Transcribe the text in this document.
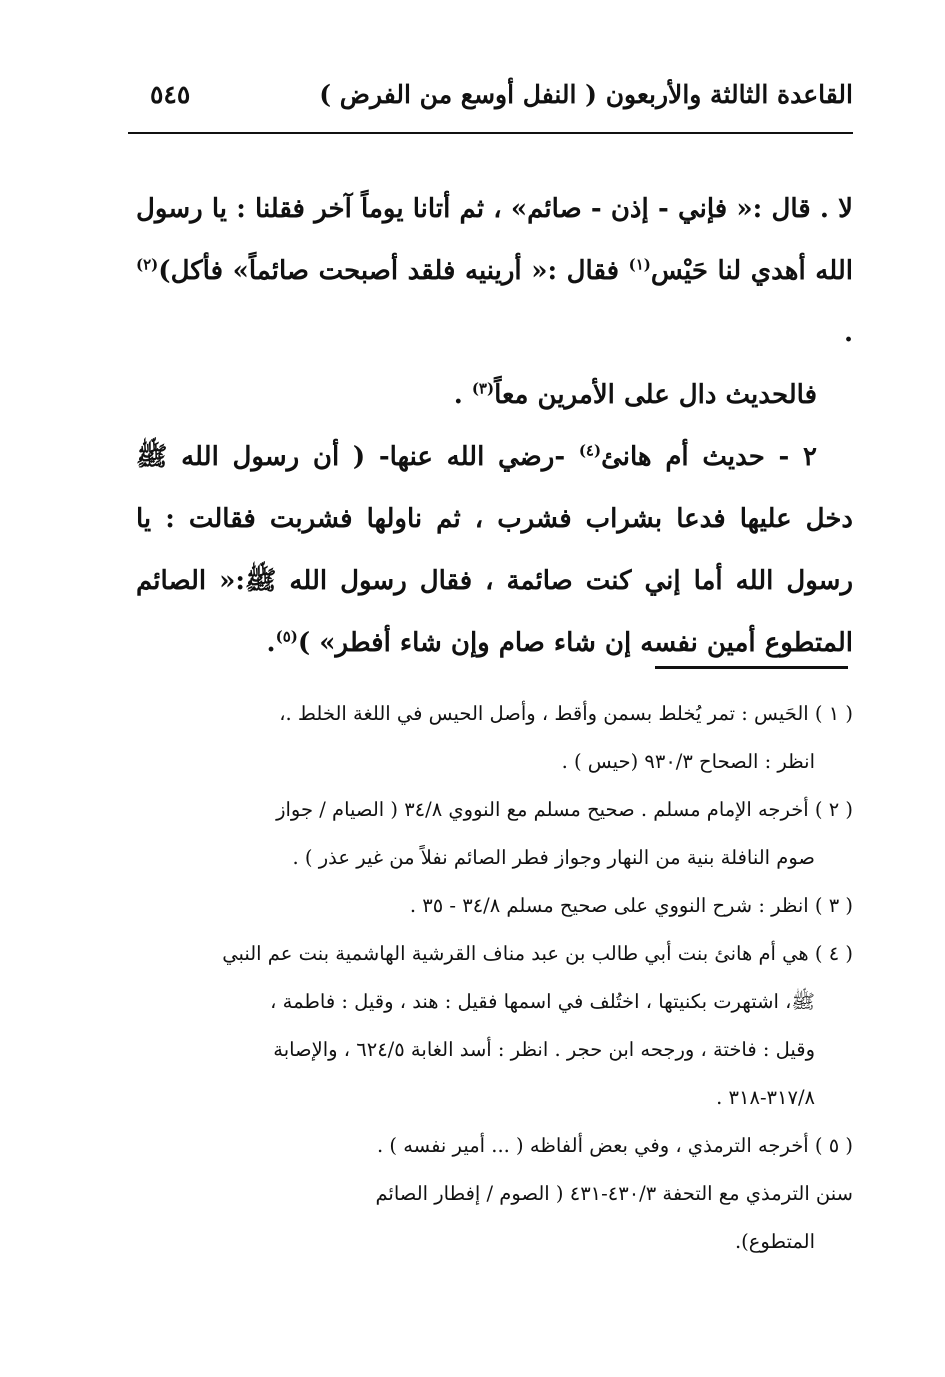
القاعدة الثالثة والأربعون ( النفل أوسع من الفرض )
٥٤٥

لا . قال :« فإني - إذن - صائم» ، ثم أتانا يوماً آخر فقلنا : يا رسول الله أهدي لنا حَيْس$^{(١)}$ فقال :« أرينيه فلقد أصبحت صائماً» فأكل)$^{(٢)}$ .

فالحديث دال على الأمرين معاً$^{(٣)}$ .

٢ - حديث أم هانئ$^{(٤)}$ -رضي الله عنها- ( أن رسول الله ﷺ دخل عليها فدعا بشراب فشرب ، ثم ناولها فشربت فقالت : يا رسول الله أما إني كنت صائمة ، فقال رسول الله ﷺ:« الصائم المتطوع أمين نفسه إن شاء صام وإن شاء أفطر» )$^{(٥)}$.

( ١ ) الحَيس : تمر يُخلط بسمن وأقط ، وأصل الحيس في اللغة الخلط .،

انظر : الصحاح ٩٣٠/٣ (حيس ) .

( ٢ ) أخرجه الإمام مسلم . صحيح مسلم مع النووي ٣٤/٨ ( الصيام / جواز

صوم النافلة بنية من النهار وجواز فطر الصائم نفلاً من غير عذر ) .

( ٣ ) انظر : شرح النووي على صحيح مسلم ٣٤/٨ - ٣٥ .

( ٤ ) هي أم هانئ بنت أبي طالب بن عبد مناف القرشية الهاشمية بنت عم النبي

ﷺ، اشتهرت بكنيتها ، اختُلف في اسمها فقيل : هند ، وقيل : فاطمة ،

وقيل : فاختة ، ورجحه ابن حجر . انظر : أسد الغابة ٦٢٤/٥ ، والإصابة

٣١٧/٨-٣١٨ .

( ٥ ) أخرجه الترمذي ، وفي بعض ألفاظه ( ... أمير نفسه ) .

سنن الترمذي مع التحفة ٤٣٠/٣-٤٣١ ( الصوم / إفطار الصائم

المتطوع).
